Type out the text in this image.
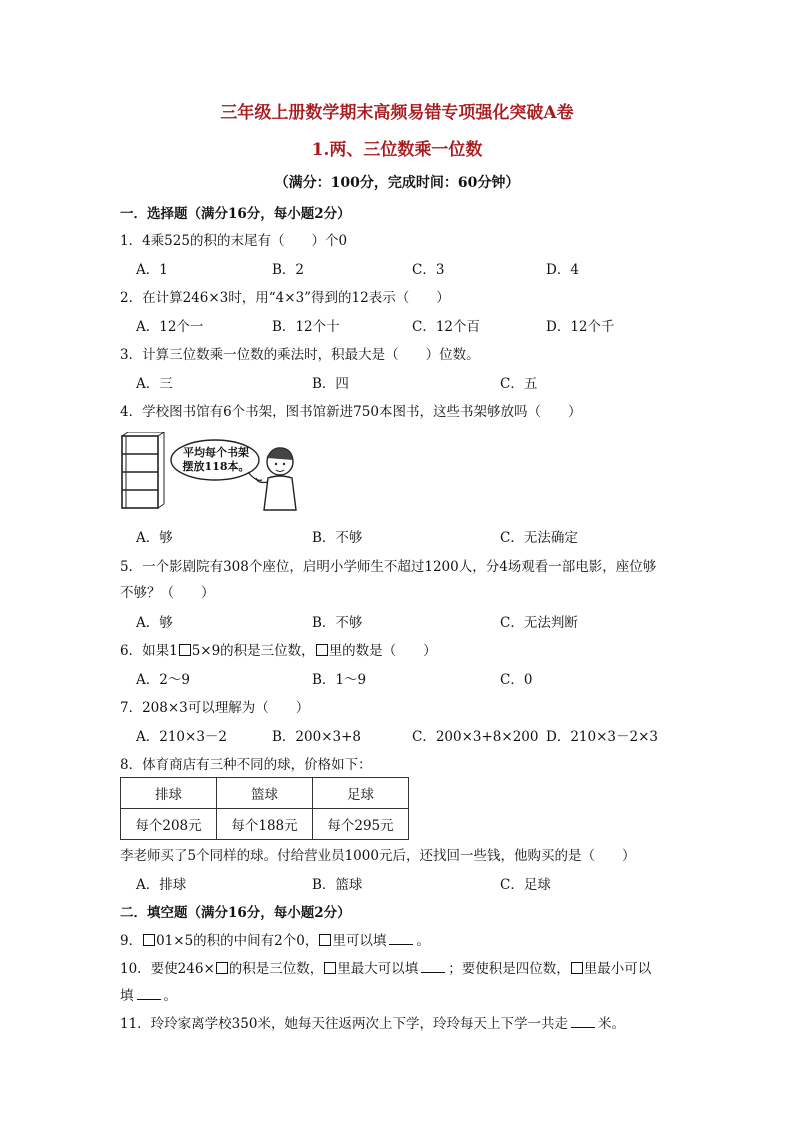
三年级上册数学期末高频易错专项强化突破A卷
1.两、三位数乘一位数
（满分：100分，完成时间：60分钟）
一．选择题（满分16分，每小题2分）
1．4乘525的积的末尾有（　　）个0
A．1	B．2	C．3	D．4
2．在计算246×3时，用“4×3”得到的12表示（　　）
A．12个一	B．12个十	C．12个百	D．12个千
3．计算三位数乘一位数的乘法时，积最大是（　　）位数。
A．三	B．四	C．五
4．学校图书馆有6个书架，图书馆新进750本图书，这些书架够放吗（　　）
平均每个书架
摆放118本。
A．够	B．不够	C．无法确定
5．一个影剧院有308个座位，启明小学师生不超过1200人，分4场观看一部电影，座位够
不够？（　　）
A．够	B．不够	C．无法判断
6．如果1 5×9的积是三位数， 里的数是（　　）
A．2～9	B．1～9	C．0
7．208×3可以理解为（　　）
A．210×3－2	B．200×3+8	C．200×3+8×200 D．210×3－2×3
8．体育商店有三种不同的球，价格如下：
排球	篮球	足球
每个208元	每个188元	每个295元
李老师买了5个同样的球。付给营业员1000元后，还找回一些钱，他购买的是（　　）
A．排球	B．篮球	C．足球
二．填空题（满分16分，每小题2分）
9． 01×5的积的中间有2个0， 里可以填 。
10．要使246× 的积是三位数， 里最大可以填 ；要使积是四位数， 里最小可以
填 。
11．玲玲家离学校350米，她每天往返两次上下学，玲玲每天上下学一共走 米。
